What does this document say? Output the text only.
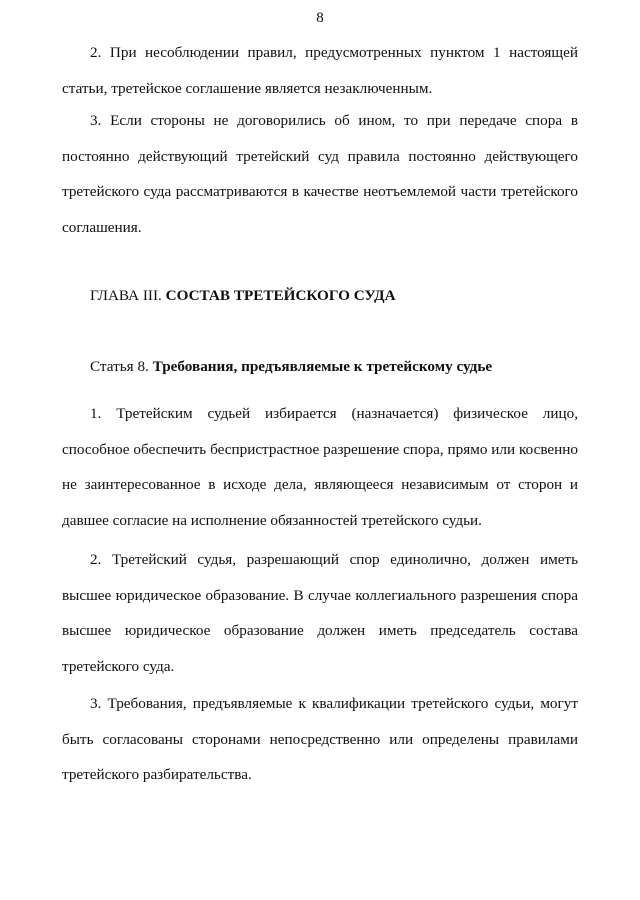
8

2. При несоблюдении правил, предусмотренных пунктом 1 настоящей статьи, третейское соглашение является незаключенным.

3. Если стороны не договорились об ином, то при передаче спора в постоянно действующий третейский суд правила постоянно действующего третейского суда рассматриваются в качестве неотъемлемой части третейского соглашения.

ГЛАВА III. СОСТАВ ТРЕТЕЙСКОГО СУДА
Статья 8. Требования, предъявляемые к третейскому судье

1. Третейским судьей избирается (назначается) физическое лицо, способное обеспечить беспристрастное разрешение спора, прямо или косвенно не заинтересованное в исходе дела, являющееся независимым от сторон и давшее согласие на исполнение обязанностей третейского судьи.

2. Третейский судья, разрешающий спор единолично, должен иметь высшее юридическое образование. В случае коллегиального разрешения спора высшее юридическое образование должен иметь председатель состава третейского суда.

3. Требования, предъявляемые к квалификации третейского судьи, могут быть согласованы сторонами непосредственно или определены правилами третейского разбирательства.
